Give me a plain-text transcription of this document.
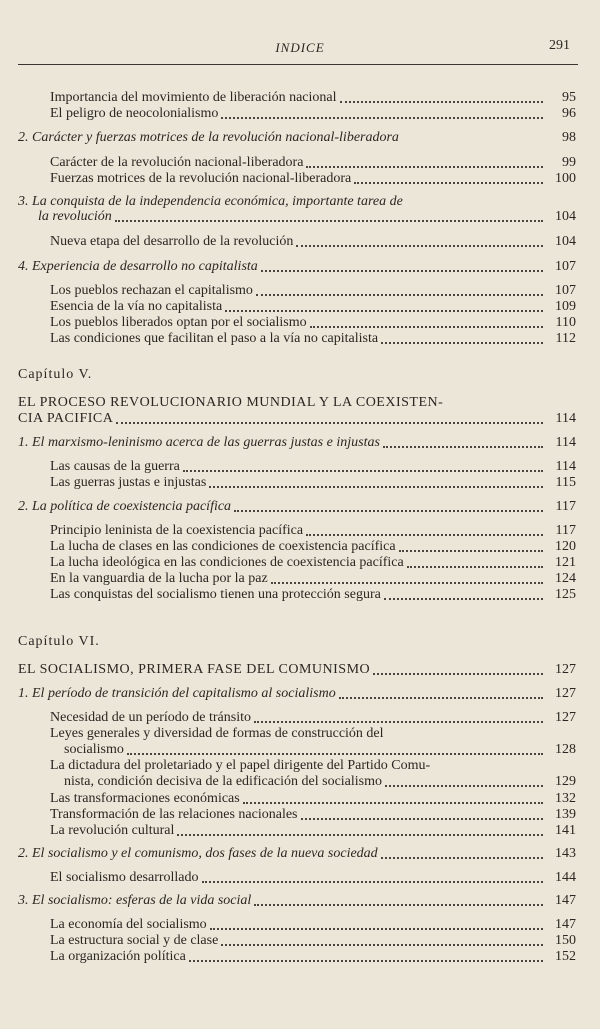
INDICE	291
Capítulo V.
Capítulo VI.
Importancia del movimiento de liberación nacional	95
El peligro de neocolonialismo	96
2. Carácter y fuerzas motrices de la revolución nacional-liberadora	98
Carácter de la revolución nacional-liberadora	99
Fuerzas motrices de la revolución nacional-liberadora	100
3. La conquista de la independencia económica, importante tarea de
la revolución	104
Nueva etapa del desarrollo de la revolución	104
4. Experiencia de desarrollo no capitalista	107
Los pueblos rechazan el capitalismo	107
Esencia de la vía no capitalista	109
Los pueblos liberados optan por el socialismo	110
Las condiciones que facilitan el paso a la vía no capitalista	112
EL PROCESO REVOLUCIONARIO MUNDIAL Y LA COEXISTEN-
CIA PACIFICA	114
1. El marxismo-leninismo acerca de las guerras justas e injustas	114
Las causas de la guerra	114
Las guerras justas e injustas	115
2. La política de coexistencia pacífica	117
Principio leninista de la coexistencia pacífica	117
La lucha de clases en las condiciones de coexistencia pacífica	120
La lucha ideológica en las condiciones de coexistencia pacífica	121
En la vanguardia de la lucha por la paz	124
Las conquistas del socialismo tienen una protección segura	125
EL SOCIALISMO, PRIMERA FASE DEL COMUNISMO	127
1. El período de transición del capitalismo al socialismo	127
Necesidad de un período de tránsito	127
Leyes generales y diversidad de formas de construcción del
socialismo	128
La dictadura del proletariado y el papel dirigente del Partido Comu-
nista, condición decisiva de la edificación del socialismo	129
Las transformaciones económicas	132
Transformación de las relaciones nacionales	139
La revolución cultural	141
2. El socialismo y el comunismo, dos fases de la nueva sociedad	143
El socialismo desarrollado	144
3. El socialismo: esferas de la vida social	147
La economía del socialismo	147
La estructura social y de clase	150
La organización política	152
